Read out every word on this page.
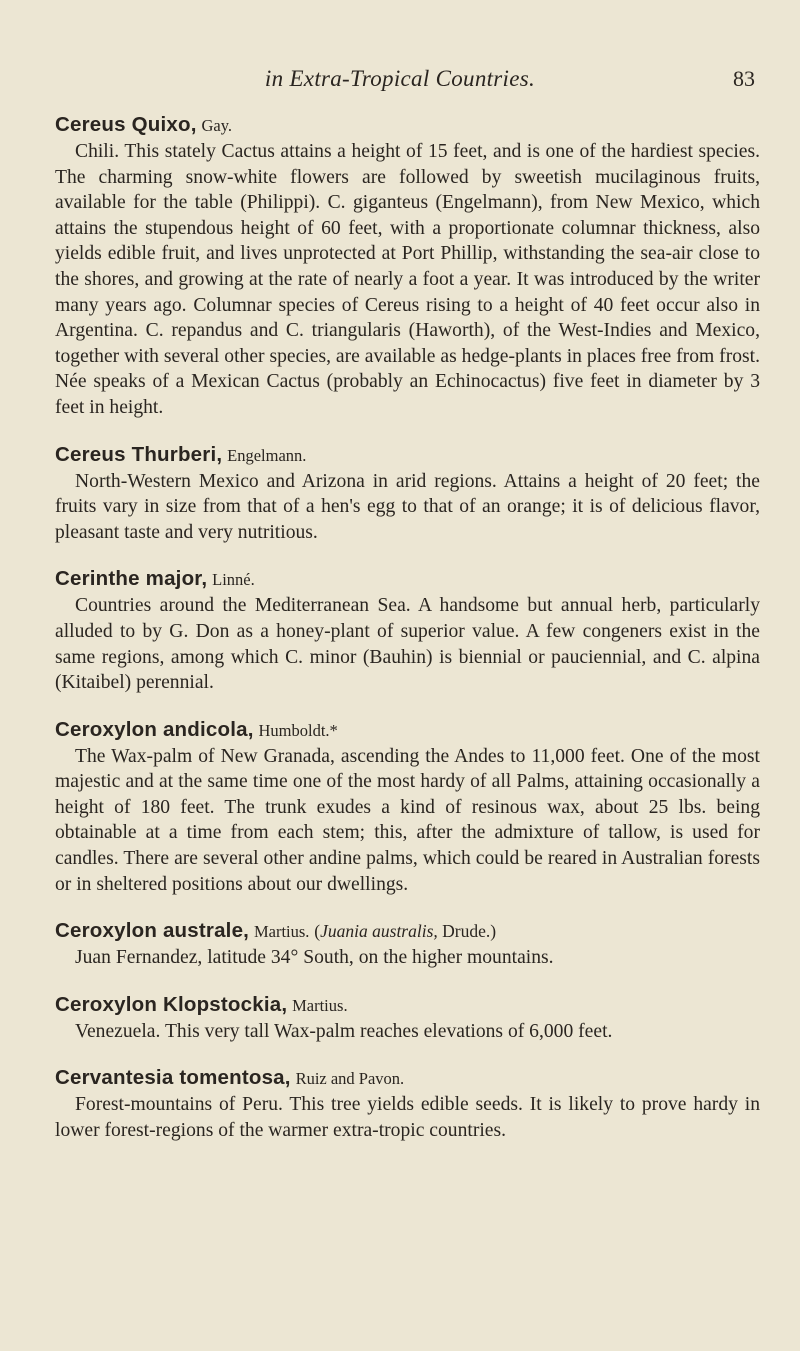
in Extra-Tropical Countries.	83
Cereus Quixo, Gay.

Chili. This stately Cactus attains a height of 15 feet, and is one of the hardiest species. The charming snow-white flowers are followed by sweetish mucilaginous fruits, available for the table (Philippi). C. giganteus (Engelmann), from New Mexico, which attains the stupendous height of 60 feet, with a proportionate columnar thickness, also yields edible fruit, and lives unprotected at Port Phillip, withstanding the sea-air close to the shores, and growing at the rate of nearly a foot a year. It was introduced by the writer many years ago. Columnar species of Cereus rising to a height of 40 feet occur also in Argentina. C. repandus and C. triangularis (Haworth), of the West-Indies and Mexico, together with several other species, are available as hedge-plants in places free from frost. Née speaks of a Mexican Cactus (probably an Echinocactus) five feet in diameter by 3 feet in height.

Cereus Thurberi, Engelmann.

North-Western Mexico and Arizona in arid regions. Attains a height of 20 feet; the fruits vary in size from that of a hen's egg to that of an orange; it is of delicious flavor, pleasant taste and very nutritious.

Cerinthe major, Linné.

Countries around the Mediterranean Sea. A handsome but annual herb, particularly alluded to by G. Don as a honey-plant of superior value. A few congeners exist in the same regions, among which C. minor (Bauhin) is biennial or pauciennial, and C. alpina (Kitaibel) perennial.

Ceroxylon andicola, Humboldt.*

The Wax-palm of New Granada, ascending the Andes to 11,000 feet. One of the most majestic and at the same time one of the most hardy of all Palms, attaining occasionally a height of 180 feet. The trunk exudes a kind of resinous wax, about 25 lbs. being obtainable at a time from each stem; this, after the admixture of tallow, is used for candles. There are several other andine palms, which could be reared in Australian forests or in sheltered positions about our dwellings.

Ceroxylon australe, Martius. (Juania australis, Drude.)

Juan Fernandez, latitude 34° South, on the higher mountains.

Ceroxylon Klopstockia, Martius.

Venezuela. This very tall Wax-palm reaches elevations of 6,000 feet.

Cervantesia tomentosa, Ruiz and Pavon.

Forest-mountains of Peru. This tree yields edible seeds. It is likely to prove hardy in lower forest-regions of the warmer extra-tropic countries.
